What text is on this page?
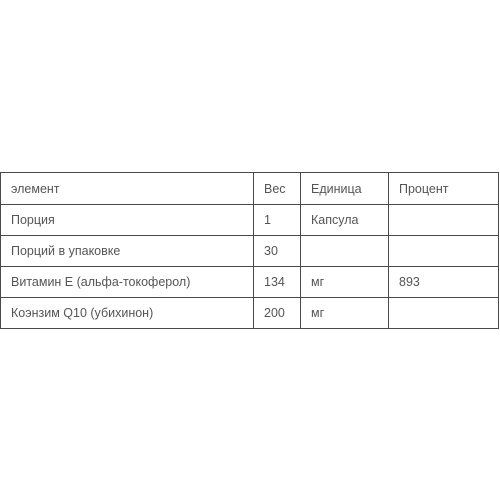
элемент	Вес	Единица	Процент
Порция	1	Капсула	
Порций в упаковке	30		
Витамин E (альфа-токоферол)	134	мг	893
Коэнзим Q10 (убихинон)	200	мг	
